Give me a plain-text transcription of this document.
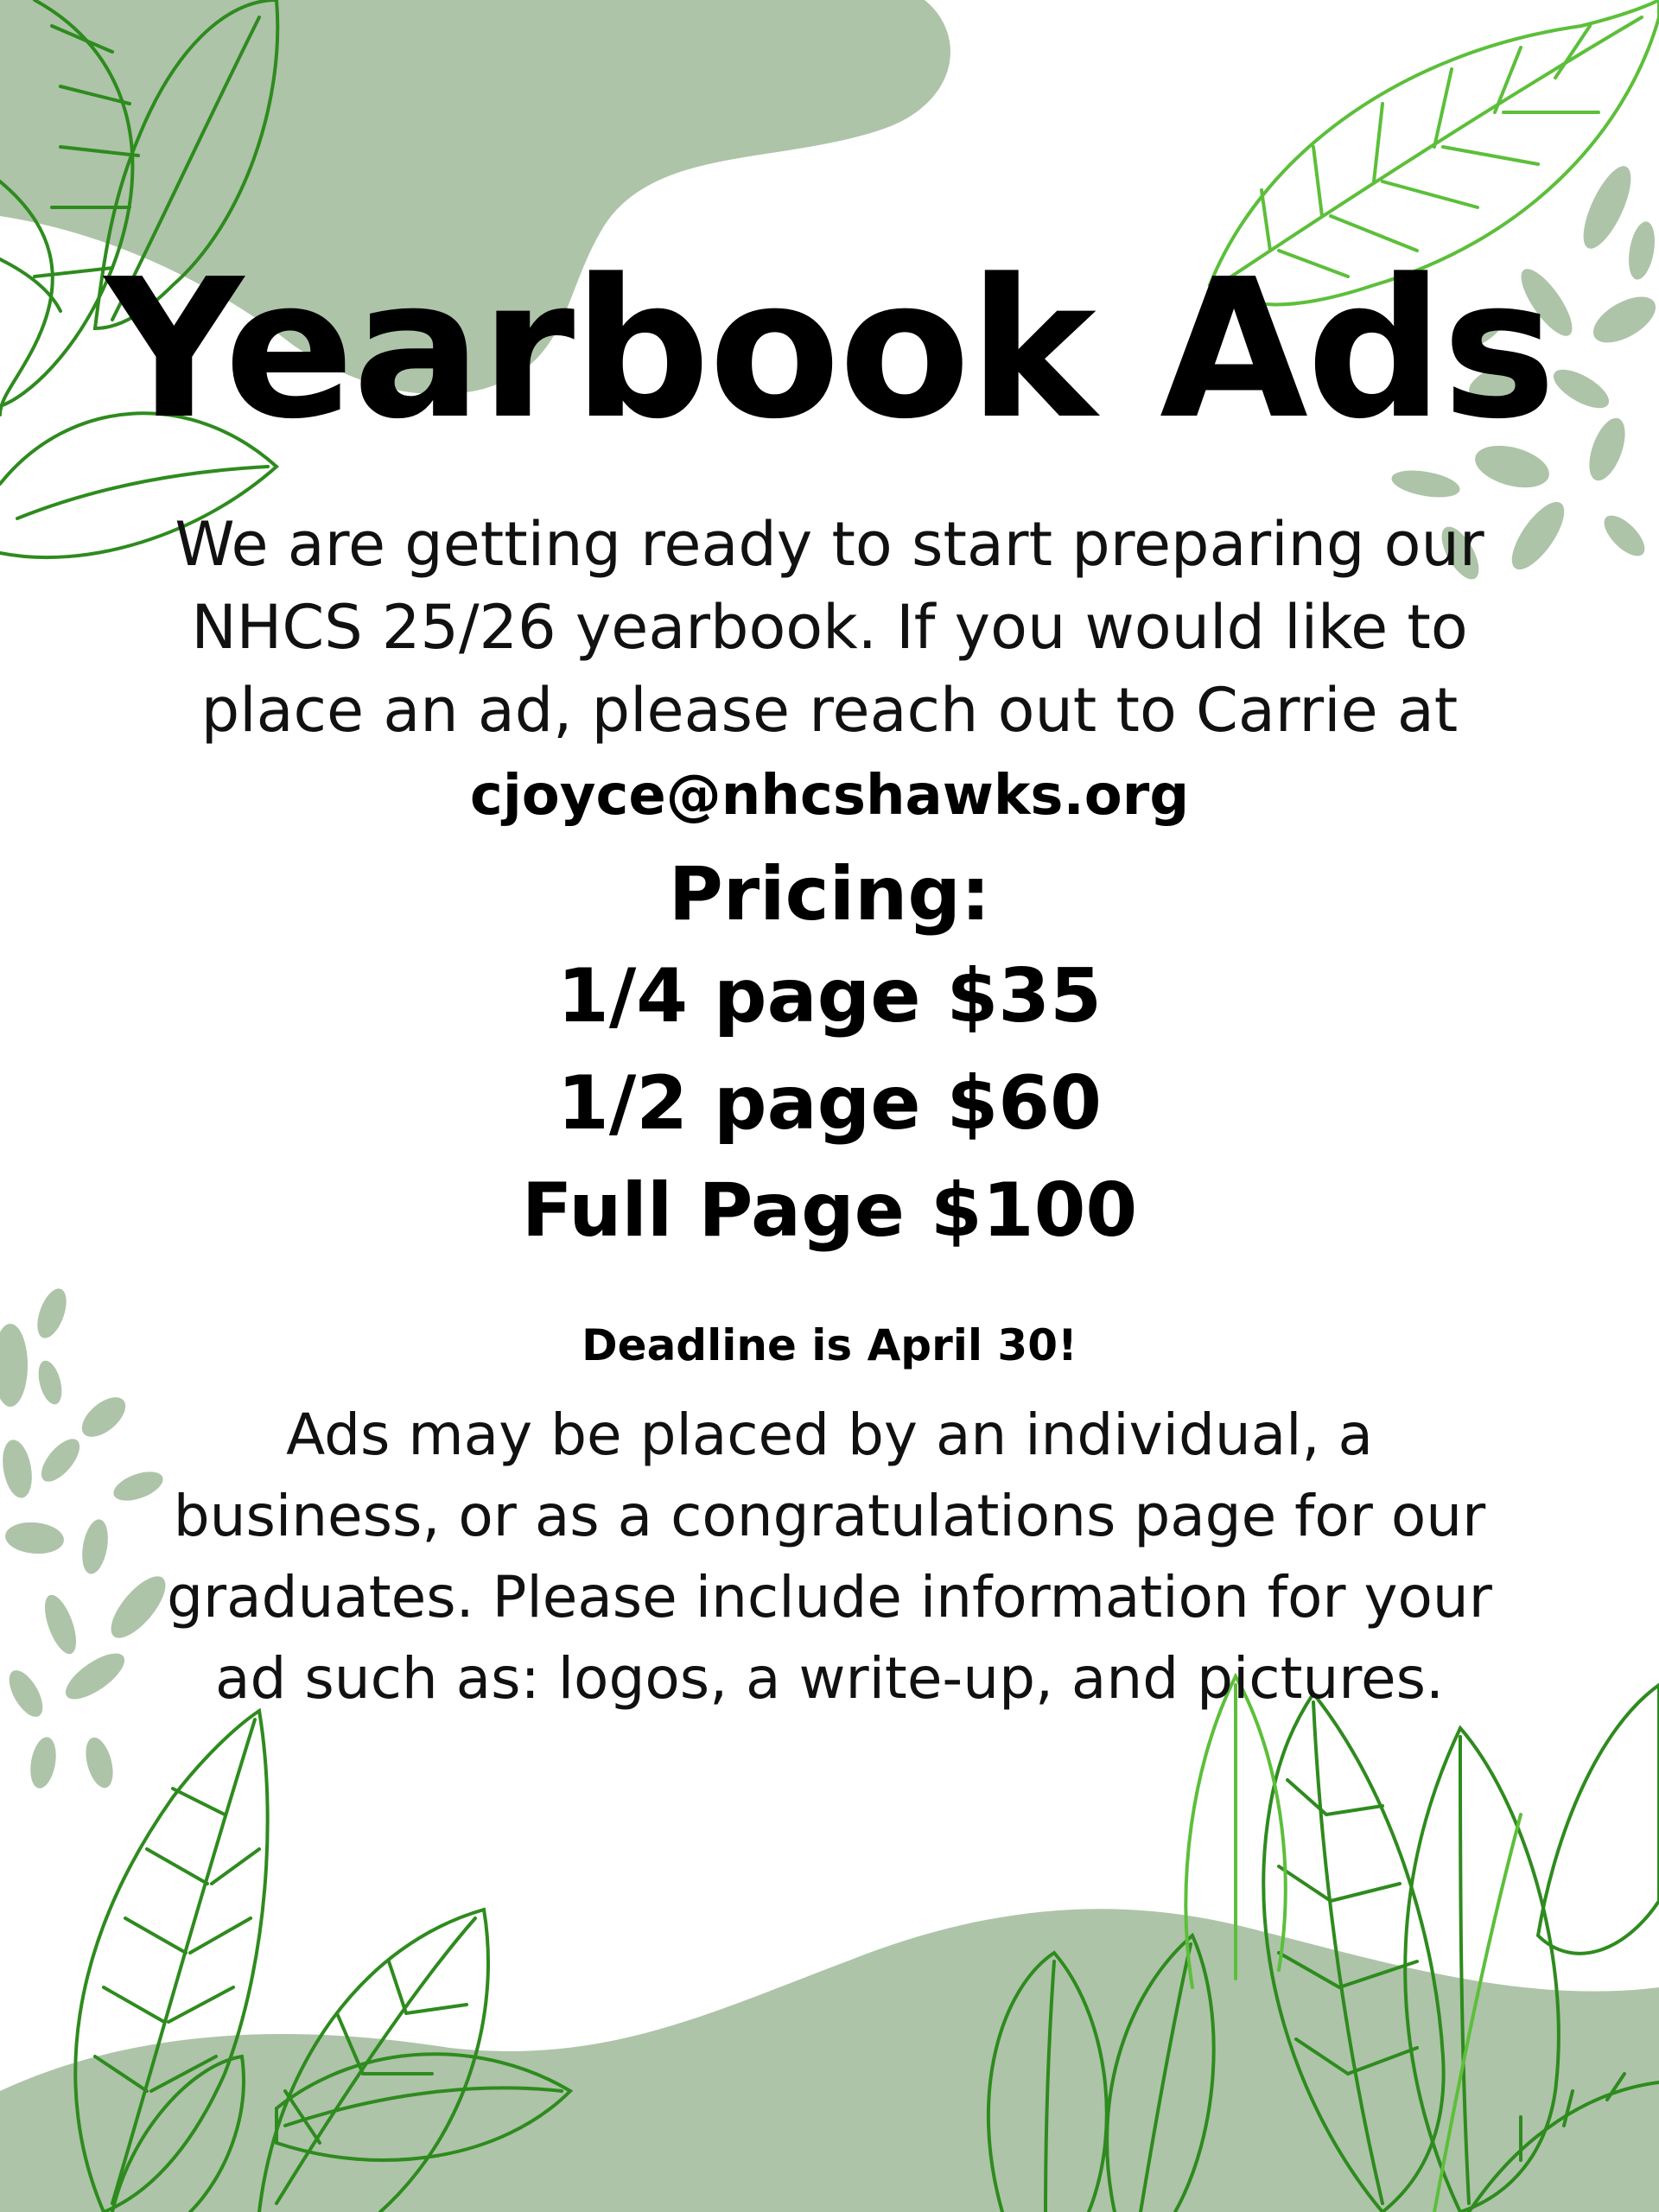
Yearbook Ads
We are getting ready to start preparing our
NHCS 25/26 yearbook. If you would like to
place an ad, please reach out to Carrie at
cjoyce@nhcshawks.org
Pricing:
1/4 page $35
1/2 page $60
Full Page $100
Deadline is April 30!
Ads may be placed by an individual, a
business, or as a congratulations page for our
graduates. Please include information for your
ad such as: logos, a write-up, and pictures.
